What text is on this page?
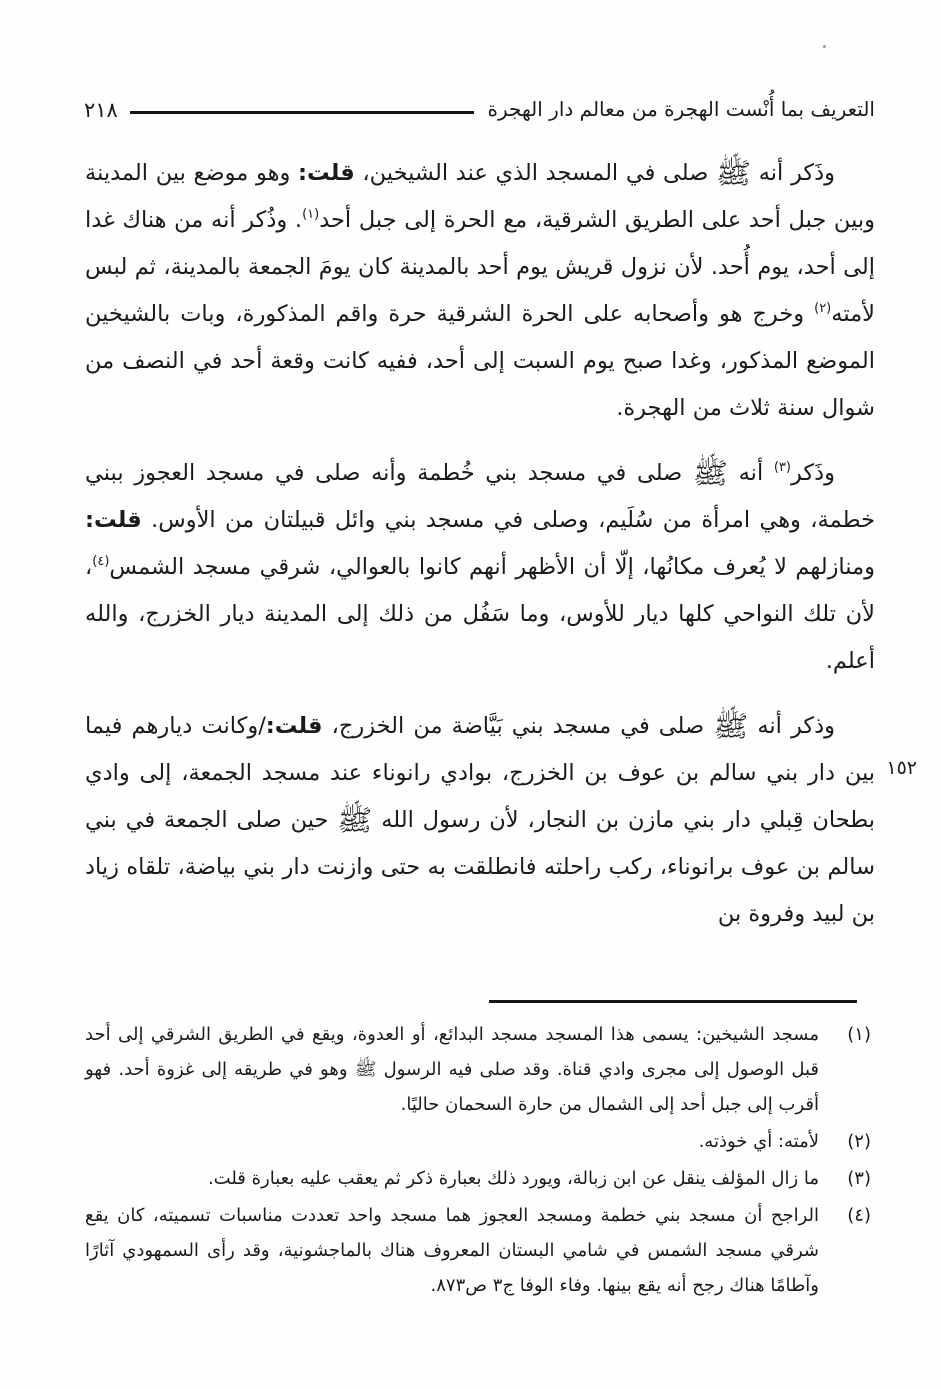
التعريف بما أُنْست الهجرة من معالم دار الهجرة
٢١٨

وذَكر أنه ﷺ صلى في المسجد الذي عند الشيخين، قلت: وهو موضع بين المدينة وبين جبل أحد على الطريق الشرقية، مع الحرة إلى جبل أحد$^{(١)}$. وذُكر أنه من هناك غدا إلى أحد، يوم أُحد. لأن نزول قريش يوم أحد بالمدينة كان يومَ الجمعة بالمدينة، ثم لبس لأمته$^{(٢)}$ وخرج هو وأصحابه على الحرة الشرقية حرة واقم المذكورة، وبات بالشيخين الموضع المذكور، وغدا صبح يوم السبت إلى أحد، ففيه كانت وقعة أحد في النصف من شوال سنة ثلاث من الهجرة.

وذَكر$^{(٣)}$ أنه ﷺ صلى في مسجد بني خُطمة وأنه صلى في مسجد العجوز ببني خطمة، وهي امرأة من سُلَيم، وصلى في مسجد بني وائل قبيلتان من الأوس. قلت: ومنازلهم لا يُعرف مكانُها، إلّا أن الأظهر أنهم كانوا بالعوالي، شرقي مسجد الشمس$^{(٤)}$، لأن تلك النواحي كلها ديار للأوس، وما سَفُل من ذلك إلى المدينة ديار الخزرج، والله أعلم.

وذكر أنه ﷺ صلى في مسجد بني بَيَّاضة من الخزرج، قلت:/وكانت ديارهم فيما بين دار بني سالم بن عوف بن الخزرج، بوادي رانوناء عند مسجد الجمعة، إلى وادي بطحان قِبلي دار بني مازن بن النجار، لأن رسول الله ﷺ حين صلى الجمعة في بني سالم بن عوف برانوناء، ركب راحلته فانطلقت به حتى وازنت دار بني بياضة، تلقاه زياد بن لبيد وفروة بن

١٥٢
(١)
مسجد الشيخين: يسمى هذا المسجد مسجد البدائع، أو العدوة، ويقع في الطريق الشرقي إلى أحد قبل الوصول إلى مجرى وادي قناة. وقد صلى فيه الرسول ﷺ وهو في طريقه إلى غزوة أحد. فهو أقرب إلى جبل أحد إلى الشمال من حارة السحمان حاليًا.
(٢)
لأمته: أي خوذته.
(٣)
ما زال المؤلف ينقل عن ابن زبالة، ويورد ذلك بعبارة ذكر ثم يعقب عليه بعبارة قلت.
(٤)
الراجح أن مسجد بني خطمة ومسجد العجوز هما مسجد واحد تعددت مناسبات تسميته، كان يقع شرقي مسجد الشمس في شامي البستان المعروف هناك بالماجشونية، وقد رأى السمهودي آثارًا وآطامًا هناك رجح أنه يقع بينها. وفاء الوفا ج٣ ص٨٧٣.
